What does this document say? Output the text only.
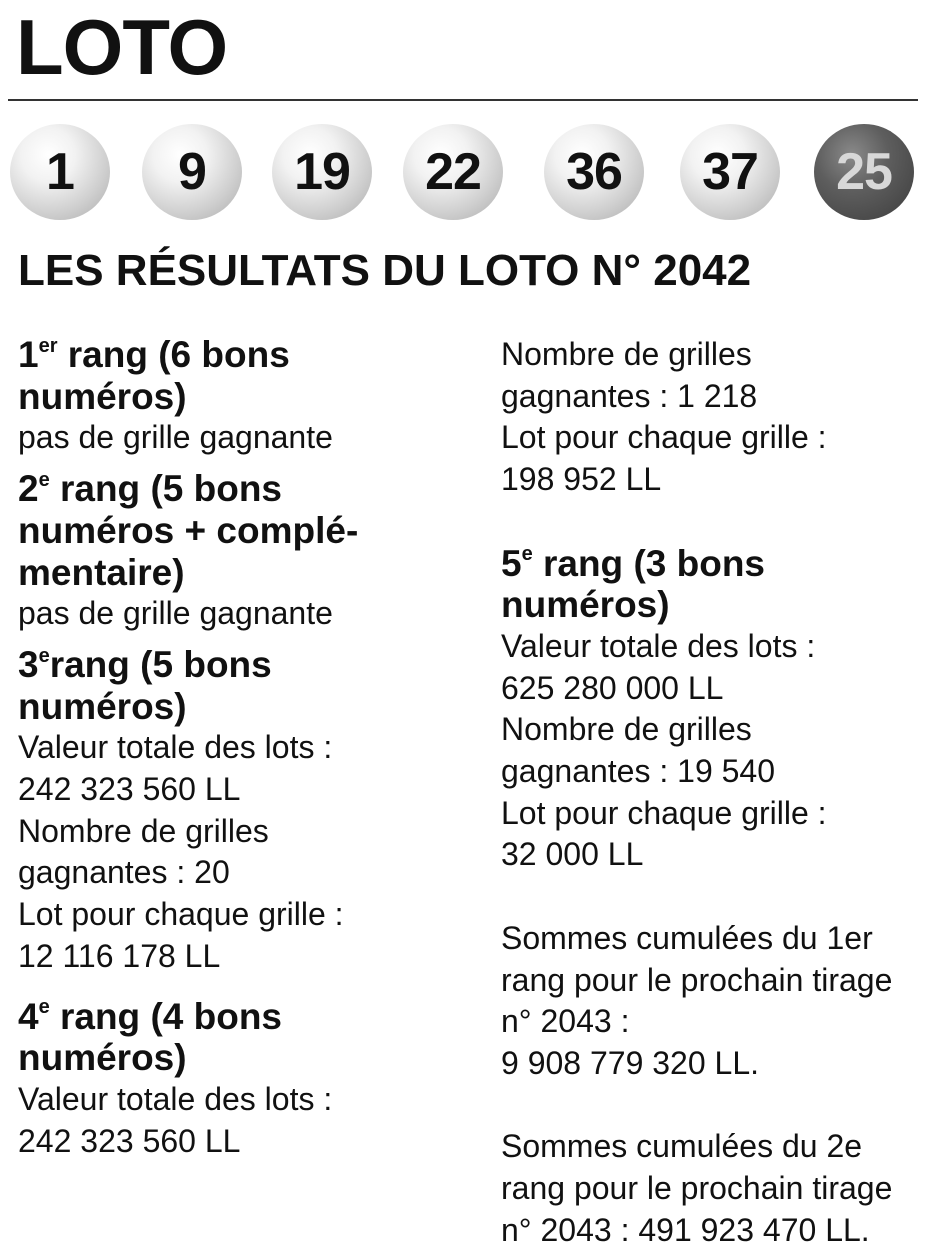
LOTO
1	9	19	22	36	37	25
LES RÉSULTATS DU LOTO N° 2042
1er rang (6 bons
numéros)
pas de grille gagnante
2e rang (5 bons
numéros + complé-
mentaire)
pas de grille gagnante
3erang (5 bons
numéros)
Valeur totale des lots :
242 323 560 LL
Nombre de grilles
gagnantes : 20
Lot pour chaque grille :
12 116 178 LL
4e rang (4 bons
numéros)
Valeur totale des lots :
242 323 560 LL
Nombre de grilles
gagnantes : 1 218
Lot pour chaque grille :
198 952 LL
5e rang (3 bons
numéros)
Valeur totale des lots :
625 280 000 LL
Nombre de grilles
gagnantes : 19 540
Lot pour chaque grille :
32 000 LL
Sommes cumulées du 1er
rang pour le prochain tirage
n° 2043 :
9 908 779 320 LL.
Sommes cumulées du 2e
rang pour le prochain tirage
n° 2043 : 491 923 470 LL.
